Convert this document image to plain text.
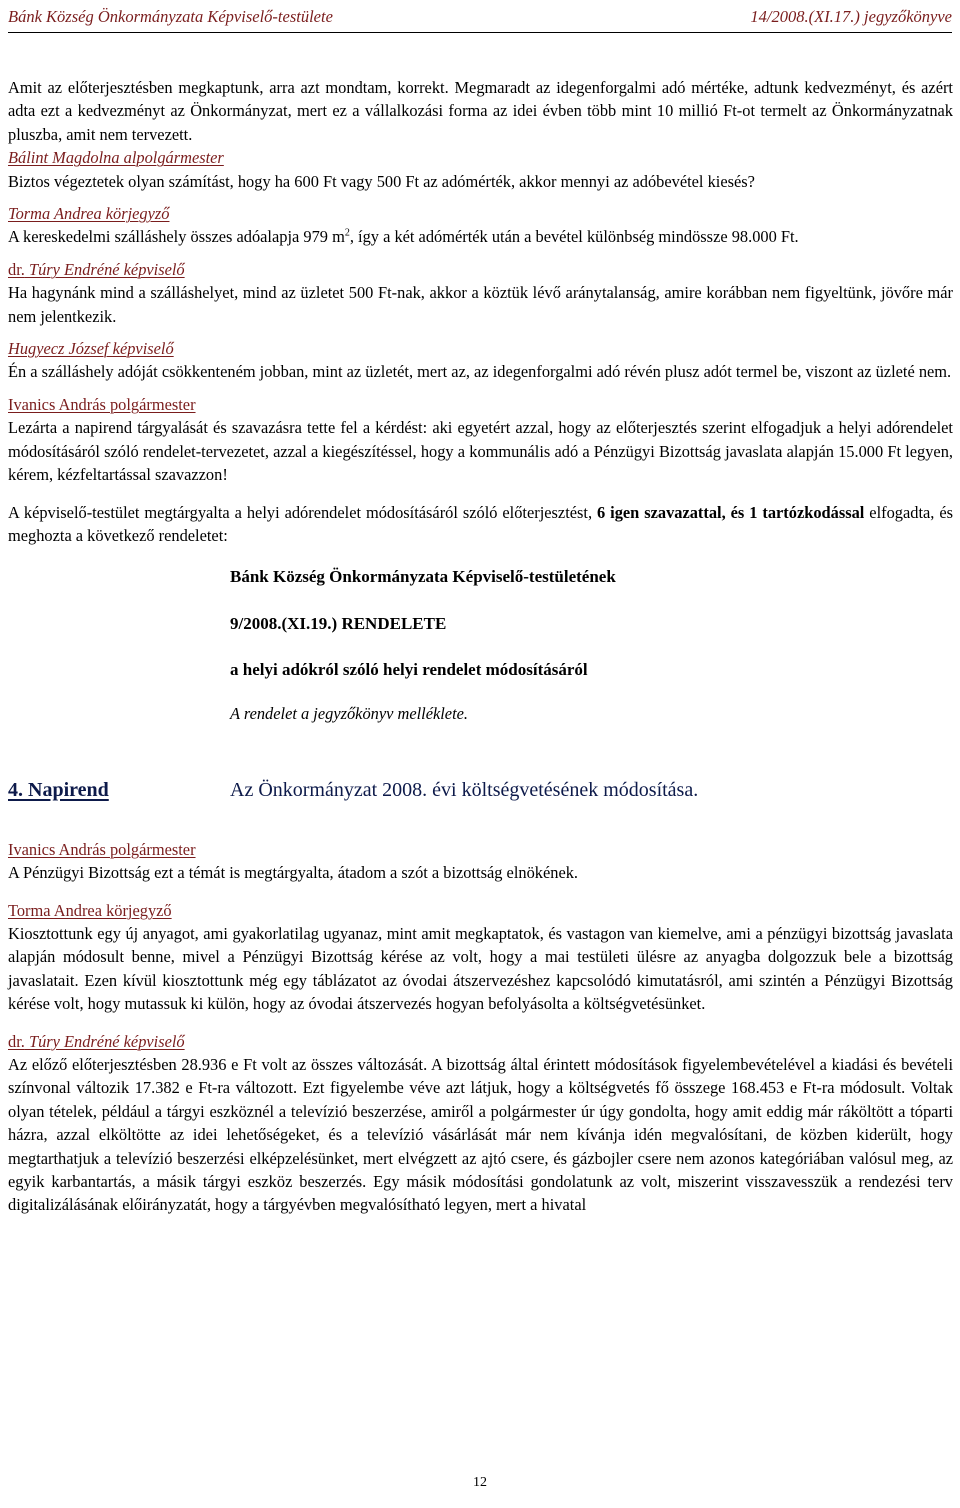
Bánk Község Önkormányzata Képviselő-testülete	14/2008.(XI.17.) jegyzőkönyve

Amit az előterjesztésben megkaptunk, arra azt mondtam, korrekt. Megmaradt az idegenforgalmi adó mértéke, adtunk kedvezményt, és azért adta ezt a kedvezményt az Önkormányzat, mert ez a vállalkozási forma az idei évben több mint 10 millió Ft-ot termelt az Önkormányzatnak pluszba, amit nem tervezett.

Bálint Magdolna alpolgármester

Biztos végeztetek olyan számítást, hogy ha 600 Ft vagy 500 Ft az adómérték, akkor mennyi az adóbevétel kiesés?

Torma Andrea körjegyző

A kereskedelmi szálláshely összes adóalapja 979 $m^2$, így a két adómérték után a bevétel különbség mindössze 98.000 Ft.

dr. Túry Endréné képviselő

Ha hagynánk mind a szálláshelyet, mind az üzletet 500 Ft-nak, akkor a köztük lévő aránytalanság, amire korábban nem figyeltünk, jövőre már nem jelentkezik.

Hugyecz József képviselő

Én a szálláshely adóját csökkenteném jobban, mint az üzletét, mert az, az idegenforgalmi adó révén plusz adót termel be, viszont az üzleté nem.

Ivanics András polgármester

Lezárta a napirend tárgyalását és szavazásra tette fel a kérdést: aki egyetért azzal, hogy az előterjesztés szerint elfogadjuk a helyi adórendelet módosításáról szóló rendelet-tervezetet, azzal a kiegészítéssel, hogy a kommunális adó a Pénzügyi Bizottság javaslata alapján 15.000 Ft legyen, kérem, kézfeltartással szavazzon!

A képviselő-testület megtárgyalta a helyi adórendelet módosításáról szóló előterjesztést, 6 igen szavazattal, és 1 tartózkodással elfogadta, és meghozta a következő rendeletet:

Bánk Község Önkormányzata Képviselő-testületének
9/2008.(XI.19.) RENDELETE
a helyi adókról szóló helyi rendelet módosításáról
A rendelet a jegyzőkönyv melléklete.
4. Napirend	Az Önkormányzat 2008. évi költségvetésének módosítása.
Ivanics András polgármester

A Pénzügyi Bizottság ezt a témát is megtárgyalta, átadom a szót a bizottság elnökének.

Torma Andrea körjegyző

Kiosztottunk egy új anyagot, ami gyakorlatilag ugyanaz, mint amit megkaptatok, és vastagon van kiemelve, ami a pénzügyi bizottság javaslata alapján módosult benne, mivel a Pénzügyi Bizottság kérése az volt, hogy a mai testületi ülésre az anyagba dolgozzuk bele a bizottság javaslatait. Ezen kívül kiosztottunk még egy táblázatot az óvodai átszervezéshez kapcsolódó kimutatásról, ami szintén a Pénzügyi Bizottság kérése volt, hogy mutassuk ki külön, hogy az óvodai átszervezés hogyan befolyásolta a költségvetésünket.

dr. Túry Endréné képviselő

Az előző előterjesztésben 28.936 e Ft volt az összes változását. A bizottság által érintett módosítások figyelembevételével a kiadási és bevételi színvonal változik 17.382 e Ft-ra változott. Ezt figyelembe véve azt látjuk, hogy a költségvetés fő összege 168.453 e Ft-ra módosult. Voltak olyan tételek, például a tárgyi eszköznél a televízió beszerzése, amiről a polgármester úr úgy gondolta, hogy amit eddig már ráköltött a tóparti házra, azzal elköltötte az idei lehetőségeket, és a televízió vásárlását már nem kívánja idén megvalósítani, de közben kiderült, hogy megtarthatjuk a televízió beszerzési elképzelésünket, mert elvégzett az ajtó csere, és gázbojler csere nem azonos kategóriában valósul meg, az egyik karbantartás, a másik tárgyi eszköz beszerzés. Egy másik módosítási gondolatunk az volt, miszerint visszavesszük a rendezési terv digitalizálásának előirányzatát, hogy a tárgyévben megvalósítható legyen, mert a hivatal

12
